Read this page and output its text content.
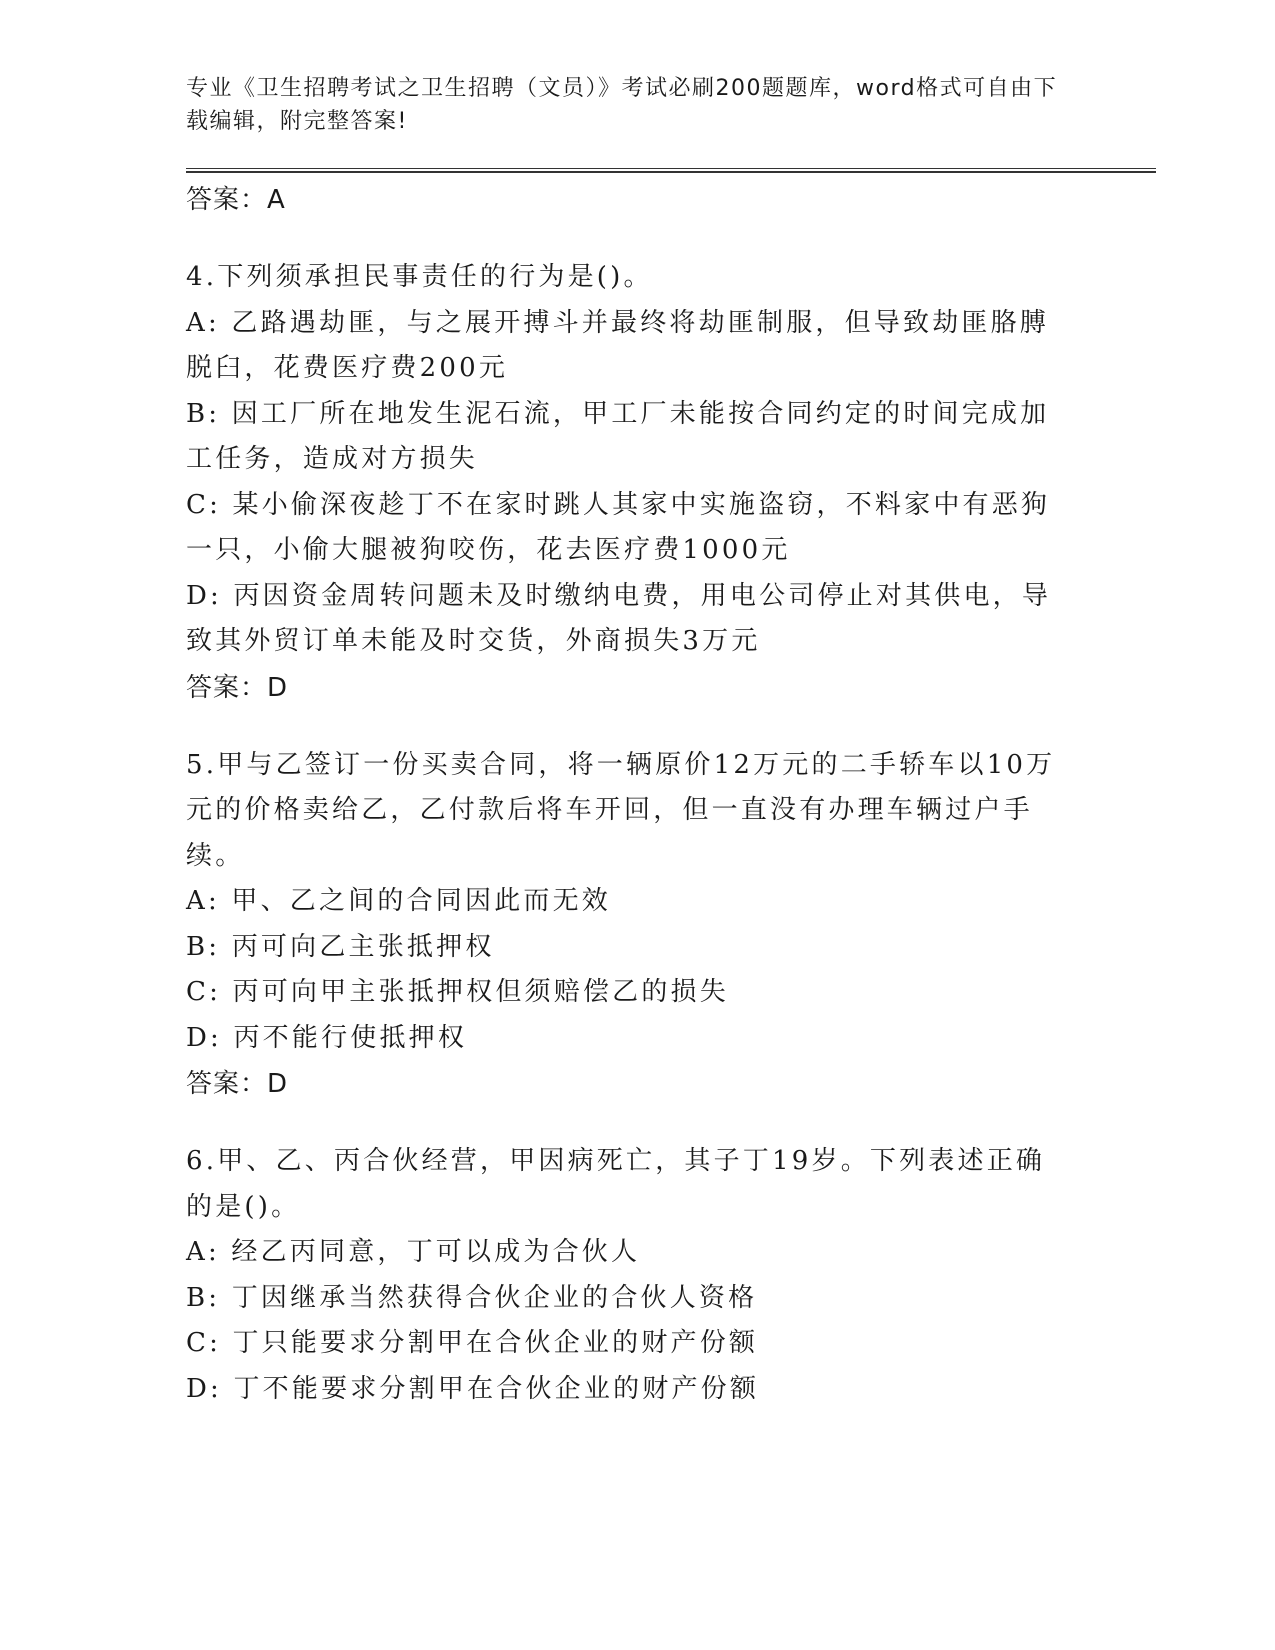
专业《卫生招聘考试之卫生招聘（文员）》考试必刷200题题库，word格式可自由下载编辑，附完整答案!

答案：A

4.下列须承担民事责任的行为是()。

A: 乙路遇劫匪，与之展开搏斗并最终将劫匪制服，但导致劫匪胳膊脱臼，花费医疗费200元

B: 因工厂所在地发生泥石流，甲工厂未能按合同约定的时间完成加工任务，造成对方损失

C: 某小偷深夜趁丁不在家时跳人其家中实施盗窃，不料家中有恶狗一只，小偷大腿被狗咬伤，花去医疗费1000元

D: 丙因资金周转问题未及时缴纳电费，用电公司停止对其供电，导致其外贸订单未能及时交货，外商损失3万元

答案：D

5.甲与乙签订一份买卖合同，将一辆原价12万元的二手轿车以10万元的价格卖给乙，乙付款后将车开回，但一直没有办理车辆过户手续。

A: 甲、乙之间的合同因此而无效

B: 丙可向乙主张抵押权

C: 丙可向甲主张抵押权但须赔偿乙的损失

D: 丙不能行使抵押权

答案：D

6.甲、乙、丙合伙经营，甲因病死亡，其子丁19岁。下列表述正确的是()。

A: 经乙丙同意，丁可以成为合伙人

B: 丁因继承当然获得合伙企业的合伙人资格

C: 丁只能要求分割甲在合伙企业的财产份额

D: 丁不能要求分割甲在合伙企业的财产份额
